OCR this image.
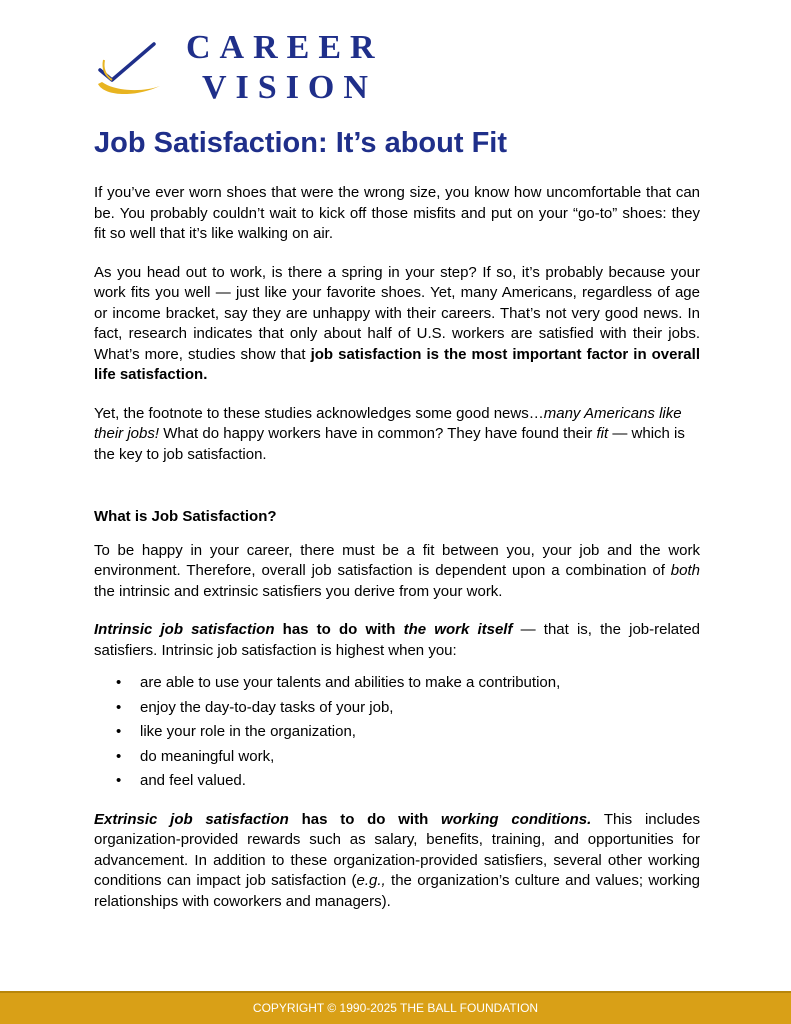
CAREER
VISION
Job Satisfaction: It’s about Fit

If you’ve ever worn shoes that were the wrong size, you know how uncomfortable that can be. You probably couldn’t wait to kick off those misfits and put on your “go-to” shoes: they fit so well that it’s like walking on air.

As you head out to work, is there a spring in your step? If so, it’s probably because your work fits you well — just like your favorite shoes. Yet, many Americans, regardless of age or income bracket, say they are unhappy with their careers. That’s not very good news. In fact, research indicates that only about half of U.S. workers are satisfied with their jobs. What’s more, studies show that job satisfaction is the most important factor in overall life satisfaction.

Yet, the footnote to these studies acknowledges some good news…many Americans like their jobs! What do happy workers have in common? They have found their fit — which is the key to job satisfaction.

What is Job Satisfaction?

To be happy in your career, there must be a fit between you, your job and the work environment. Therefore, overall job satisfaction is dependent upon a combination of both the intrinsic and extrinsic satisfiers you derive from your work.

Intrinsic job satisfaction has to do with the work itself — that is, the job-related satisfiers. Intrinsic job satisfaction is highest when you:

• are able to use your talents and abilities to make a contribution,
• enjoy the day-to-day tasks of your job,
• like your role in the organization,
• do meaningful work,
• and feel valued.

Extrinsic job satisfaction has to do with working conditions. This includes organization-provided rewards such as salary, benefits, training, and opportunities for advancement. In addition to these organization-provided satisfiers, several other working conditions can impact job satisfaction (e.g., the organization’s culture and values; working relationships with coworkers and managers).

COPYRIGHT © 1990-2025 THE BALL FOUNDATION
